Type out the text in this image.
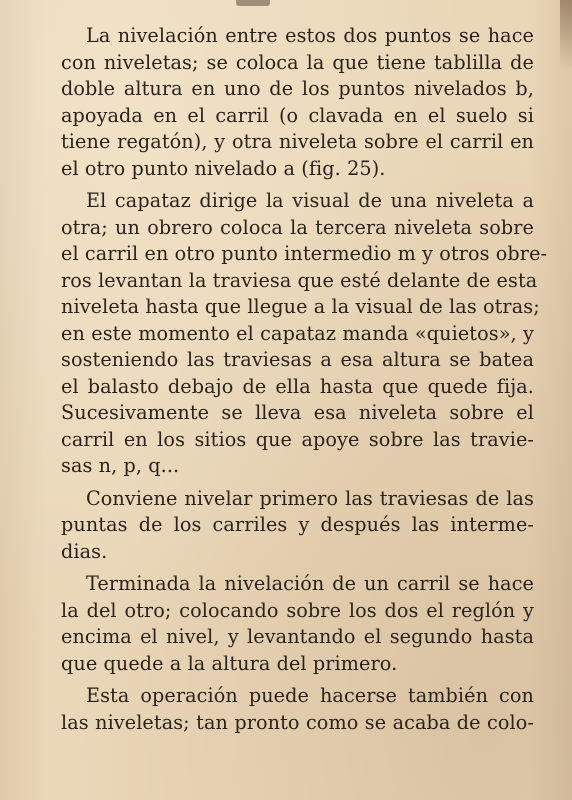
La nivelación entre estos dos puntos se hace
con niveletas; se coloca la que tiene tablilla de
doble altura en uno de los puntos nivelados b,
apoyada en el carril (o clavada en el suelo si
tiene regatón), y otra niveleta sobre el carril en
el otro punto nivelado a (fig. 25).
El capataz dirige la visual de una niveleta a
otra; un obrero coloca la tercera niveleta sobre
el carril en otro punto intermedio m y otros obre-
ros levantan la traviesa que esté delante de esta
niveleta hasta que llegue a la visual de las otras;
en este momento el capataz manda «quietos», y
sosteniendo las traviesas a esa altura se batea
el balasto debajo de ella hasta que quede fija.
Sucesivamente se lleva esa niveleta sobre el
carril en los sitios que apoye sobre las travie-
sas n, p, q...
Conviene nivelar primero las traviesas de las
puntas de los carriles y después las interme-
dias.
Terminada la nivelación de un carril se hace
la del otro; colocando sobre los dos el reglón y
encima el nivel, y levantando el segundo hasta
que quede a la altura del primero.
Esta operación puede hacerse también con
las niveletas; tan pronto como se acaba de colo-
